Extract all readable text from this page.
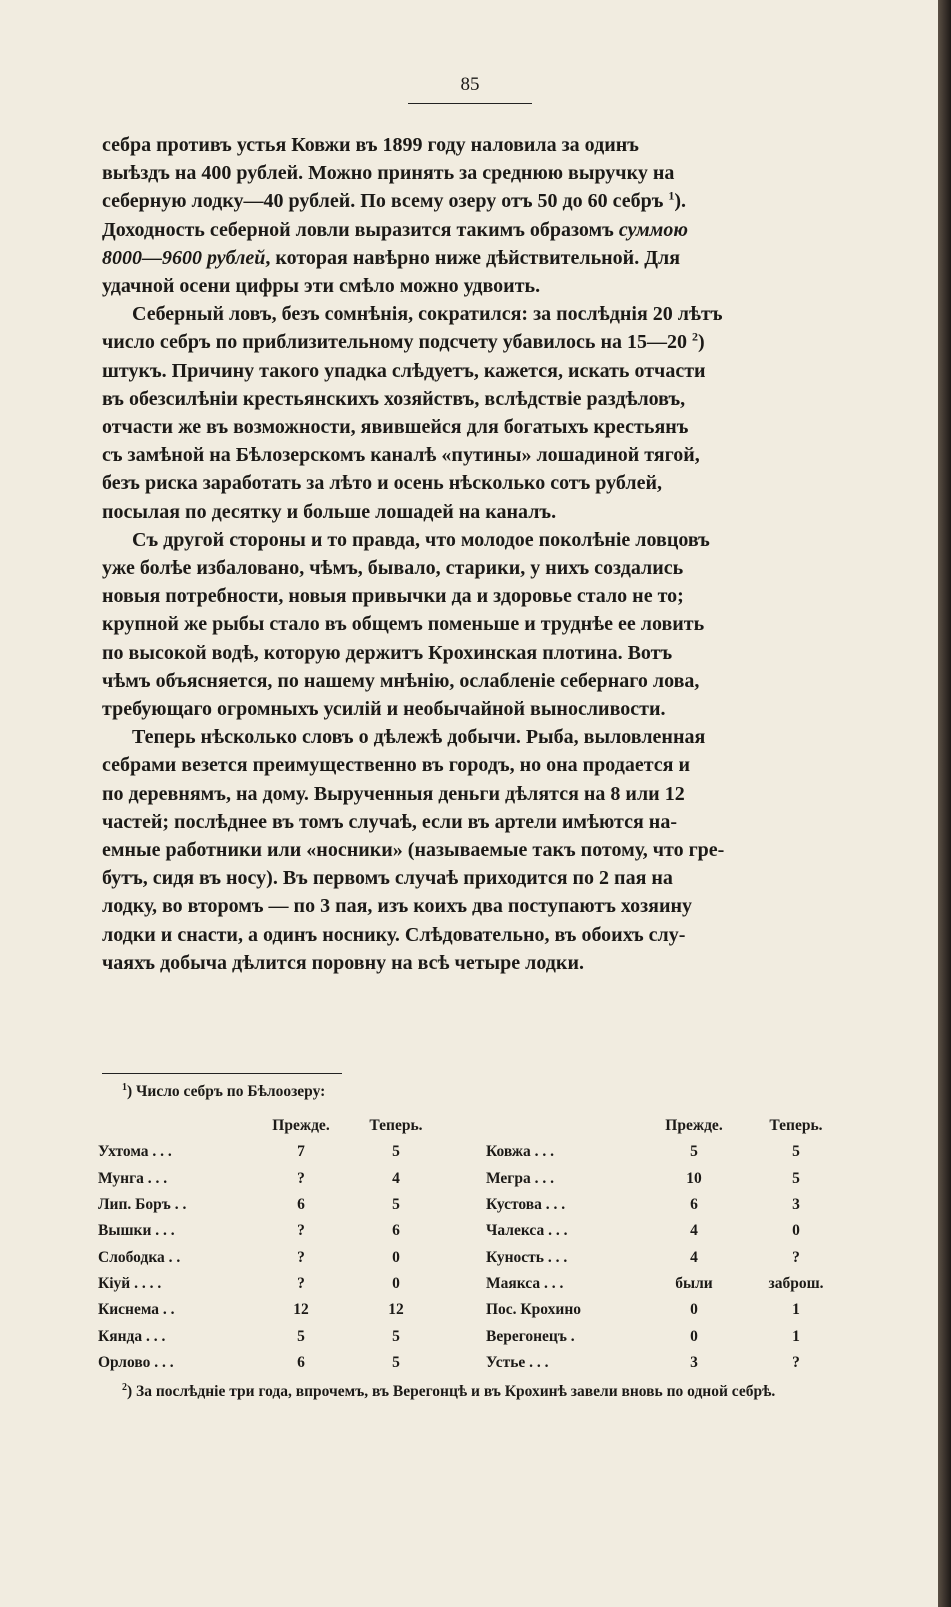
85

себра противъ устья Ковжи въ 1899 году наловила за одинъ
выѣздъ на 400 рублей. Можно принять за среднюю выручку на
себерную лодку—40 рублей. По всему озеру отъ 50 до 60 себръ $^1$).
Доходность себерной ловли выразится такимъ образомъ суммою
8000—9600 рублей, которая навѣрно ниже дѣйствительной. Для
удачной осени цифры эти смѣло можно удвоить.

Себерный ловъ, безъ сомнѣнія, сократился: за послѣднія 20 лѣтъ
число себръ по приблизительному подсчету убавилось на 15—20 $^2$)
штукъ. Причину такого упадка слѣдуетъ, кажется, искать отчасти
въ обезсилѣніи крестьянскихъ хозяйствъ, вслѣдствіе раздѣловъ,
отчасти же въ возможности, явившейся для богатыхъ крестьянъ
съ замѣной на Бѣлозерскомъ каналѣ «путины» лошадиной тягой,
безъ риска заработать за лѣто и осень нѣсколько сотъ рублей,
посылая по десятку и больше лошадей на каналъ.

Съ другой стороны и то правда, что молодое поколѣніе ловцовъ
уже болѣе избаловано, чѣмъ, бывало, старики, у нихъ создались
новыя потребности, новыя привычки да и здоровье стало не то;
крупной же рыбы стало въ общемъ поменьше и труднѣе ее ловить
по высокой водѣ, которую держитъ Крохинская плотина. Вотъ
чѣмъ объясняется, по нашему мнѣнію, ослабленіе себернаго лова,
требующаго огромныхъ усилій и необычайной выносливости.

Теперь нѣсколько словъ о дѣлежѣ добычи. Рыба, выловленная
себрами везется преимущественно въ городъ, но она продается и
по деревнямъ, на дому. Вырученныя деньги дѣлятся на 8 или 12
частей; послѣднее въ томъ случаѣ, если въ артели имѣются на-
емные работники или «носники» (называемые такъ потому, что гре-
бутъ, сидя въ носу). Въ первомъ случаѣ приходится по 2 пая на
лодку, во второмъ — по 3 пая, изъ коихъ два поступаютъ хозяину
лодки и снасти, а одинъ носнику. Слѣдовательно, въ обоихъ слу-
чаяхъ добыча дѣлится поровну на всѣ четыре лодки.

$^1$) Число себръ по Бѣлоозеру:
	Прежде.	Теперь.			Прежде.	Теперь.
Ухтома . . .	7	5		Ковжа . . .	5	5
Мунга . . .	?	4		Мегра . . .	10	5
Лип. Боръ . .	6	5		Кустова . . .	6	3
Вышки . . .	?	6		Чалекса . . .	4	0
Слободка . .	?	0		Куность . . .	4	?
Кіуй . . . .	?	0		Маякса . . .	были	заброш.
Киснема . .	12	12		Пос. Крохино	0	1
Кянда . . .	5	5		Верегонецъ .	0	1
Орлово . . .	6	5		Устье . . .	3	?
$^2$) За послѣдніе три года, впрочемъ, въ Верегонцѣ и въ Крохинѣ завели вновь по одной себрѣ.
